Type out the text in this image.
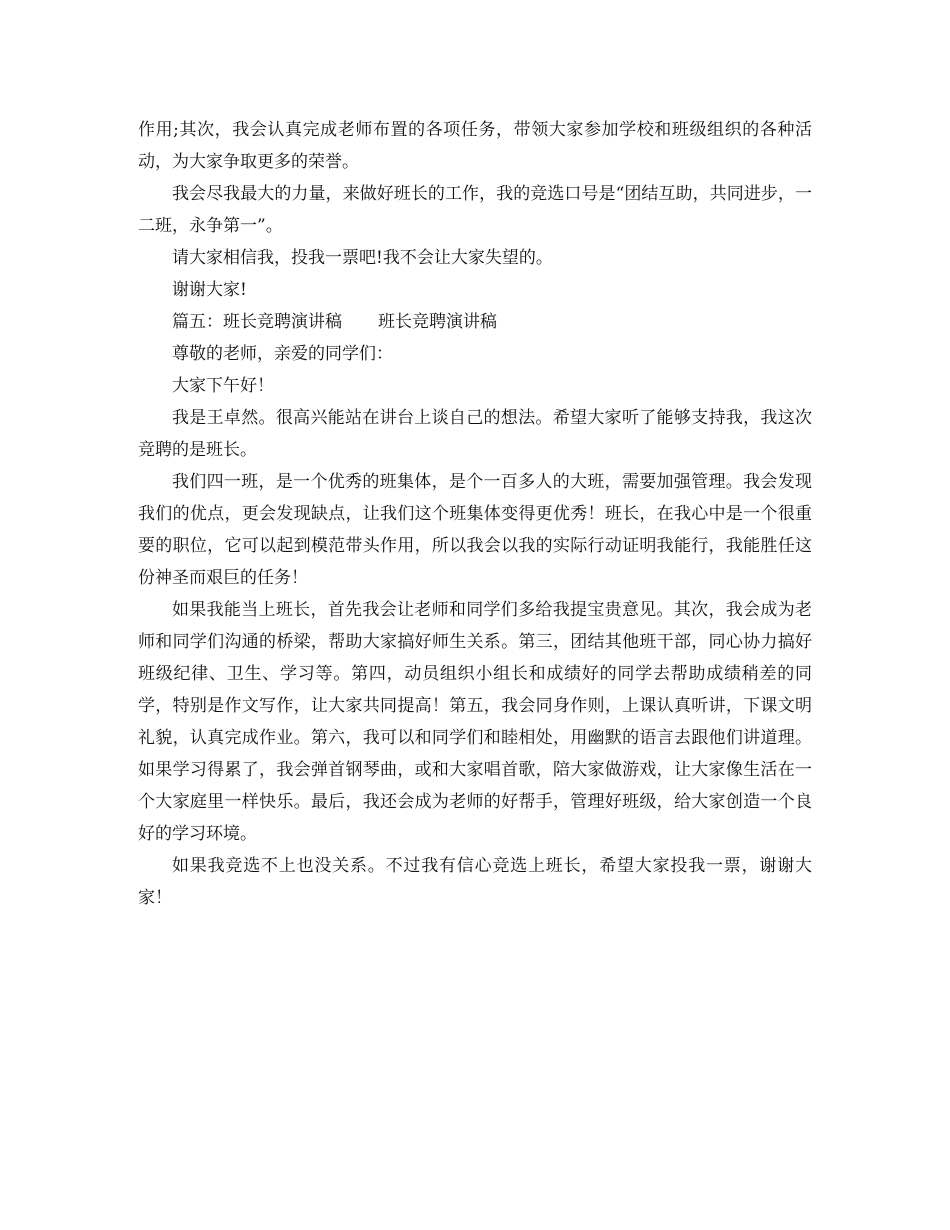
作用;其次，我会认真完成老师布置的各项任务，带领大家参加学校和班级组织的各种活动，为大家争取更多的荣誉。

我会尽我最大的力量，来做好班长的工作，我的竞选口号是“团结互助，共同进步，一二班，永争第一”。

请大家相信我，投我一票吧!我不会让大家失望的。

谢谢大家!

篇五：班长竞聘演讲稿 班长竞聘演讲稿

尊敬的老师，亲爱的同学们：

大家下午好！

我是王卓然。很高兴能站在讲台上谈自己的想法。希望大家听了能够支持我，我这次竞聘的是班长。

我们四一班，是一个优秀的班集体，是个一百多人的大班，需要加强管理。我会发现我们的优点，更会发现缺点，让我们这个班集体变得更优秀！班长，在我心中是一个很重要的职位，它可以起到模范带头作用，所以我会以我的实际行动证明我能行，我能胜任这份神圣而艰巨的任务！

如果我能当上班长，首先我会让老师和同学们多给我提宝贵意见。其次，我会成为老师和同学们沟通的桥梁，帮助大家搞好师生关系。第三，团结其他班干部，同心协力搞好班级纪律、卫生、学习等。第四，动员组织小组长和成绩好的同学去帮助成绩稍差的同学，特别是作文写作，让大家共同提高！第五，我会同身作则，上课认真听讲，下课文明礼貌，认真完成作业。第六，我可以和同学们和睦相处，用幽默的语言去跟他们讲道理。如果学习得累了，我会弹首钢琴曲，或和大家唱首歌，陪大家做游戏，让大家像生活在一个大家庭里一样快乐。最后，我还会成为老师的好帮手，管理好班级，给大家创造一个良好的学习环境。

如果我竞选不上也没关系。不过我有信心竞选上班长，希望大家投我一票，谢谢大家！
